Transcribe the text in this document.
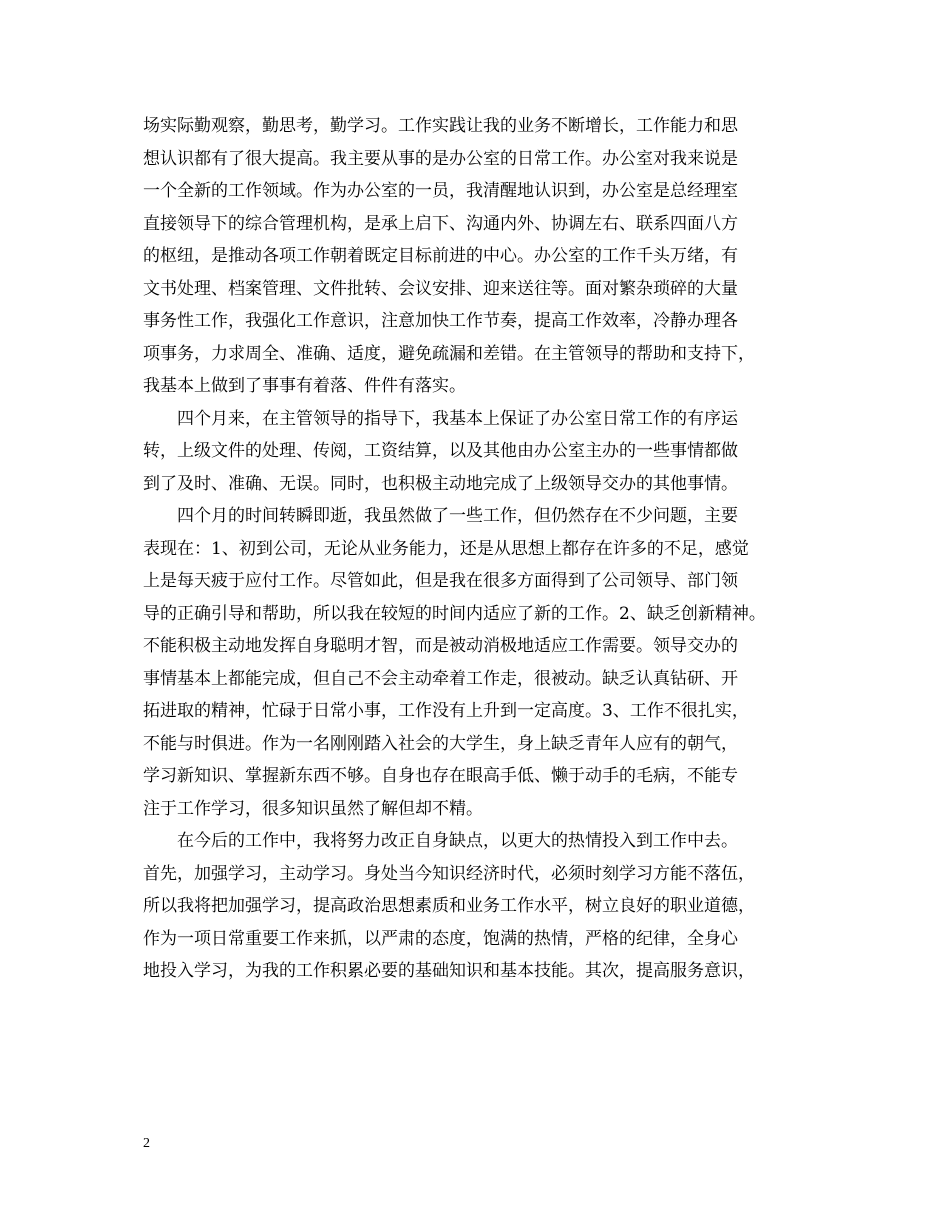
场实际勤观察，勤思考，勤学习。工作实践让我的业务不断增长，工作能力和思
想认识都有了很大提高。我主要从事的是办公室的日常工作。办公室对我来说是
一个全新的工作领域。作为办公室的一员，我清醒地认识到，办公室是总经理室
直接领导下的综合管理机构，是承上启下、沟通内外、协调左右、联系四面八方
的枢纽，是推动各项工作朝着既定目标前进的中心。办公室的工作千头万绪，有
文书处理、档案管理、文件批转、会议安排、迎来送往等。面对繁杂琐碎的大量
事务性工作，我强化工作意识，注意加快工作节奏，提高工作效率，冷静办理各
项事务，力求周全、准确、适度，避免疏漏和差错。在主管领导的帮助和支持下，
我基本上做到了事事有着落、件件有落实。
四个月来，在主管领导的指导下，我基本上保证了办公室日常工作的有序运
转，上级文件的处理、传阅，工资结算，以及其他由办公室主办的一些事情都做
到了及时、准确、无误。同时，也积极主动地完成了上级领导交办的其他事情。
四个月的时间转瞬即逝，我虽然做了一些工作，但仍然存在不少问题，主要
表现在：1、初到公司，无论从业务能力，还是从思想上都存在许多的不足，感觉
上是每天疲于应付工作。尽管如此，但是我在很多方面得到了公司领导、部门领
导的正确引导和帮助，所以我在较短的时间内适应了新的工作。2、缺乏创新精神。
不能积极主动地发挥自身聪明才智，而是被动消极地适应工作需要。领导交办的
事情基本上都能完成，但自己不会主动牵着工作走，很被动。缺乏认真钻研、开
拓进取的精神，忙碌于日常小事，工作没有上升到一定高度。3、工作不很扎实，
不能与时俱进。作为一名刚刚踏入社会的大学生，身上缺乏青年人应有的朝气，
学习新知识、掌握新东西不够。自身也存在眼高手低、懒于动手的毛病，不能专
注于工作学习，很多知识虽然了解但却不精。
在今后的工作中，我将努力改正自身缺点，以更大的热情投入到工作中去。
首先，加强学习，主动学习。身处当今知识经济时代，必须时刻学习方能不落伍，
所以我将把加强学习，提高政治思想素质和业务工作水平，树立良好的职业道德，
作为一项日常重要工作来抓，以严肃的态度，饱满的热情，严格的纪律，全身心
地投入学习，为我的工作积累必要的基础知识和基本技能。其次，提高服务意识，
2
